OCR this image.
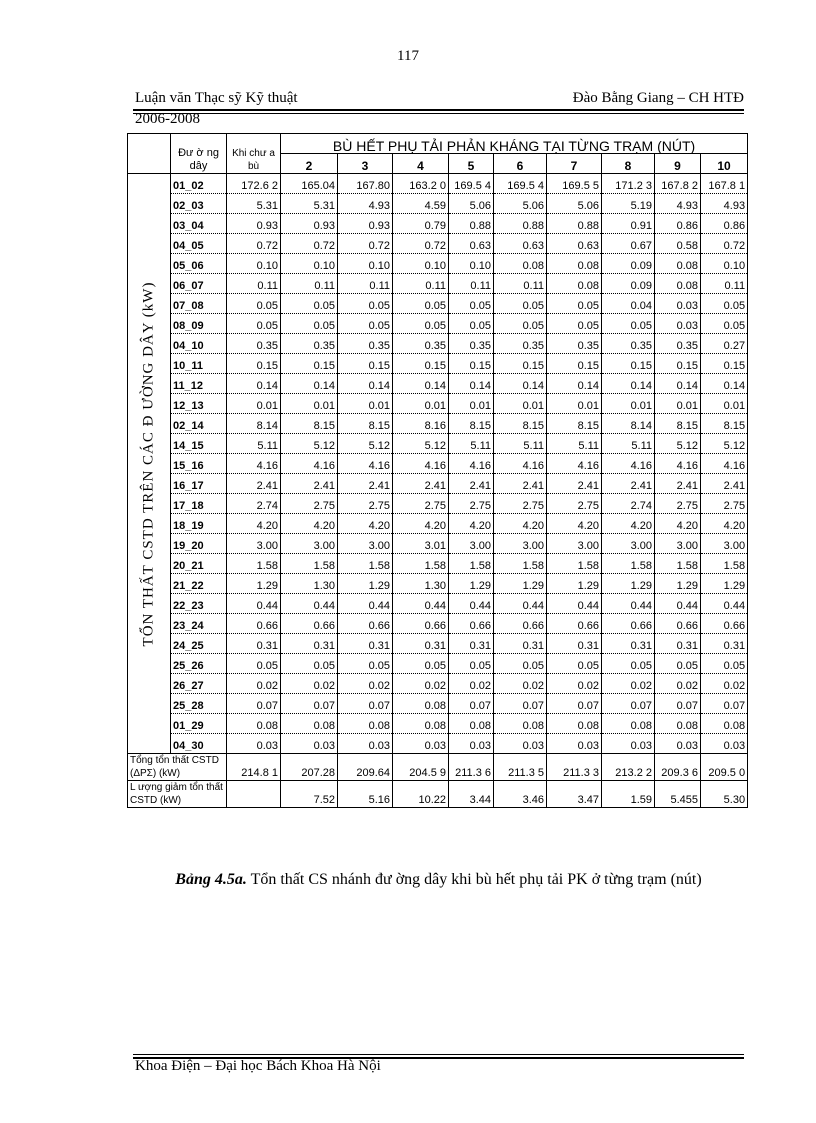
117
Luận văn Thạc sỹ Kỹ thuật	Đào Bằng Giang – CH HTĐ
2006-2008
	Đư ờ ng dây	Khi chư a bù	BÙ HẾT PHỤ TẢI PHẢN KHÁNG TẠI TỪNG TRẠM (NÚT)								
			2	3	4	5	6	7	8	9	10

TỔN THẤT CSTD TRÊN CÁC Đ ƯỜNG DÂY (kW)	01_02	172.6 2	165.04	167.80	163.2 0	169.5 4	169.5 4	169.5 5	171.2 3	167.8 2	167.8 1
	02_03	5.31	5.31	4.93	4.59	5.06	5.06	5.06	5.19	4.93	4.93
	03_04	0.93	0.93	0.93	0.79	0.88	0.88	0.88	0.91	0.86	0.86
	04_05	0.72	0.72	0.72	0.72	0.63	0.63	0.63	0.67	0.58	0.72
	05_06	0.10	0.10	0.10	0.10	0.10	0.08	0.08	0.09	0.08	0.10
	06_07	0.11	0.11	0.11	0.11	0.11	0.11	0.08	0.09	0.08	0.11
	07_08	0.05	0.05	0.05	0.05	0.05	0.05	0.05	0.04	0.03	0.05
	08_09	0.05	0.05	0.05	0.05	0.05	0.05	0.05	0.05	0.03	0.05
	04_10	0.35	0.35	0.35	0.35	0.35	0.35	0.35	0.35	0.35	0.27
	10_11	0.15	0.15	0.15	0.15	0.15	0.15	0.15	0.15	0.15	0.15
	11_12	0.14	0.14	0.14	0.14	0.14	0.14	0.14	0.14	0.14	0.14
	12_13	0.01	0.01	0.01	0.01	0.01	0.01	0.01	0.01	0.01	0.01
	02_14	8.14	8.15	8.15	8.16	8.15	8.15	8.15	8.14	8.15	8.15
	14_15	5.11	5.12	5.12	5.12	5.11	5.11	5.11	5.11	5.12	5.12
	15_16	4.16	4.16	4.16	4.16	4.16	4.16	4.16	4.16	4.16	4.16
	16_17	2.41	2.41	2.41	2.41	2.41	2.41	2.41	2.41	2.41	2.41
	17_18	2.74	2.75	2.75	2.75	2.75	2.75	2.75	2.74	2.75	2.75
	18_19	4.20	4.20	4.20	4.20	4.20	4.20	4.20	4.20	4.20	4.20
	19_20	3.00	3.00	3.00	3.01	3.00	3.00	3.00	3.00	3.00	3.00
	20_21	1.58	1.58	1.58	1.58	1.58	1.58	1.58	1.58	1.58	1.58
	21_22	1.29	1.30	1.29	1.30	1.29	1.29	1.29	1.29	1.29	1.29
	22_23	0.44	0.44	0.44	0.44	0.44	0.44	0.44	0.44	0.44	0.44
	23_24	0.66	0.66	0.66	0.66	0.66	0.66	0.66	0.66	0.66	0.66
	24_25	0.31	0.31	0.31	0.31	0.31	0.31	0.31	0.31	0.31	0.31
	25_26	0.05	0.05	0.05	0.05	0.05	0.05	0.05	0.05	0.05	0.05
	26_27	0.02	0.02	0.02	0.02	0.02	0.02	0.02	0.02	0.02	0.02
	25_28	0.07	0.07	0.07	0.08	0.07	0.07	0.07	0.07	0.07	0.07
	01_29	0.08	0.08	0.08	0.08	0.08	0.08	0.08	0.08	0.08	0.08
	04_30	0.03	0.03	0.03	0.03	0.03	0.03	0.03	0.03	0.03	0.03
Tổng tổn thất CSTD (ΔPΣ) (kW)		214.8 1	207.28	209.64	204.5 9	211.3 6	211.3 5	211.3 3	213.2 2	209.3 6	209.5 0
L ượng giảm tổn thất CSTD (kW)			7.52	5.16	10.22	3.44	3.46	3.47	1.59	5.455	5.30
Bảng 4.5a. Tổn thất CS nhánh đư ờng dây khi bù hết phụ tải PK ở từng trạm (nút)
Khoa Điện – Đại học Bách Khoa Hà Nội
